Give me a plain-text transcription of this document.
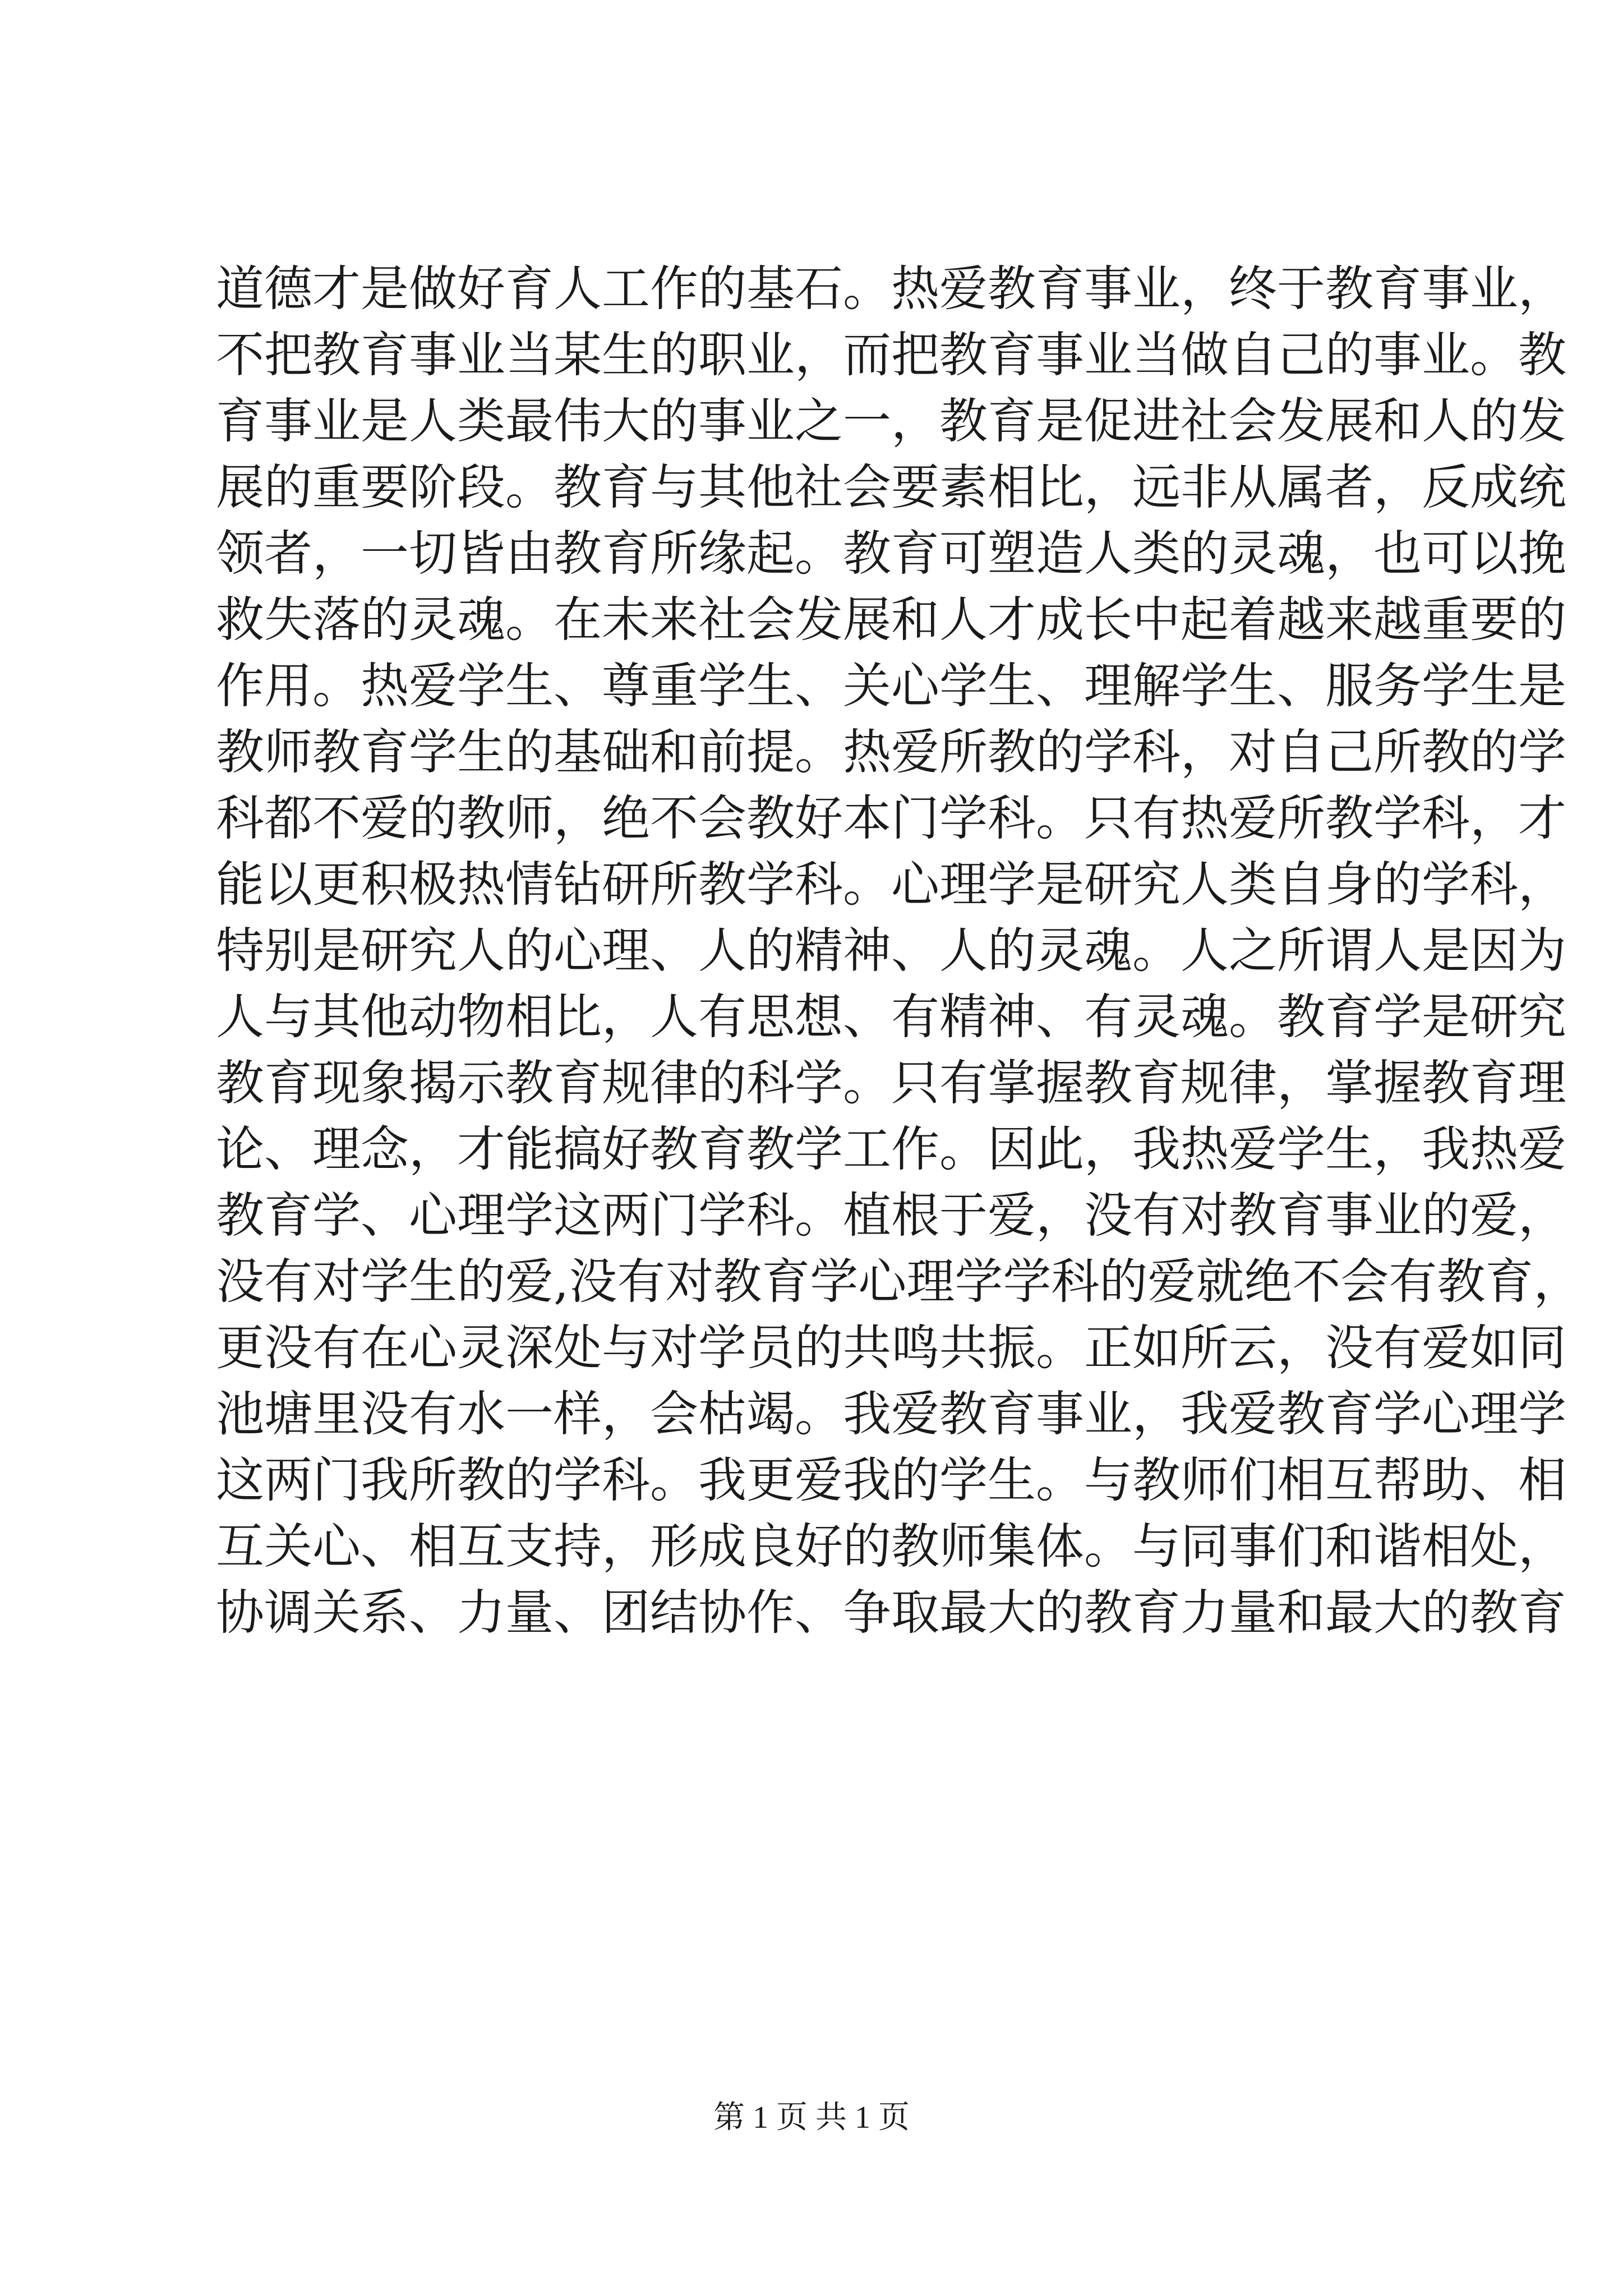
道德才是做好育人工作的基石。热爱教育事业，终于教育事业，
不把教育事业当某生的职业，而把教育事业当做自己的事业。教
育事业是人类最伟大的事业之一，教育是促进社会发展和人的发
展的重要阶段。教育与其他社会要素相比，远非从属者，反成统
领者，一切皆由教育所缘起。教育可塑造人类的灵魂，也可以挽
救失落的灵魂。在未来社会发展和人才成长中起着越来越重要的
作用。热爱学生、尊重学生、关心学生、理解学生、服务学生是
教师教育学生的基础和前提。热爱所教的学科，对自己所教的学
科都不爱的教师，绝不会教好本门学科。只有热爱所教学科，才
能以更积极热情钻研所教学科。心理学是研究人类自身的学科，
特别是研究人的心理、人的精神、人的灵魂。人之所谓人是因为
人与其他动物相比，人有思想、有精神、有灵魂。教育学是研究
教育现象揭示教育规律的科学。只有掌握教育规律，掌握教育理
论、理念，才能搞好教育教学工作。因此，我热爱学生，我热爱
教育学、心理学这两门学科。植根于爱，没有对教育事业的爱，
没有对学生的爱,没有对教育学心理学学科的爱就绝不会有教育，
更没有在心灵深处与对学员的共鸣共振。正如所云，没有爱如同
池塘里没有水一样，会枯竭。我爱教育事业，我爱教育学心理学
这两门我所教的学科。我更爱我的学生。与教师们相互帮助、相
互关心、相互支持，形成良好的教师集体。与同事们和谐相处，
协调关系、力量、团结协作、争取最大的教育力量和最大的教育
第 1 页 共 1 页
